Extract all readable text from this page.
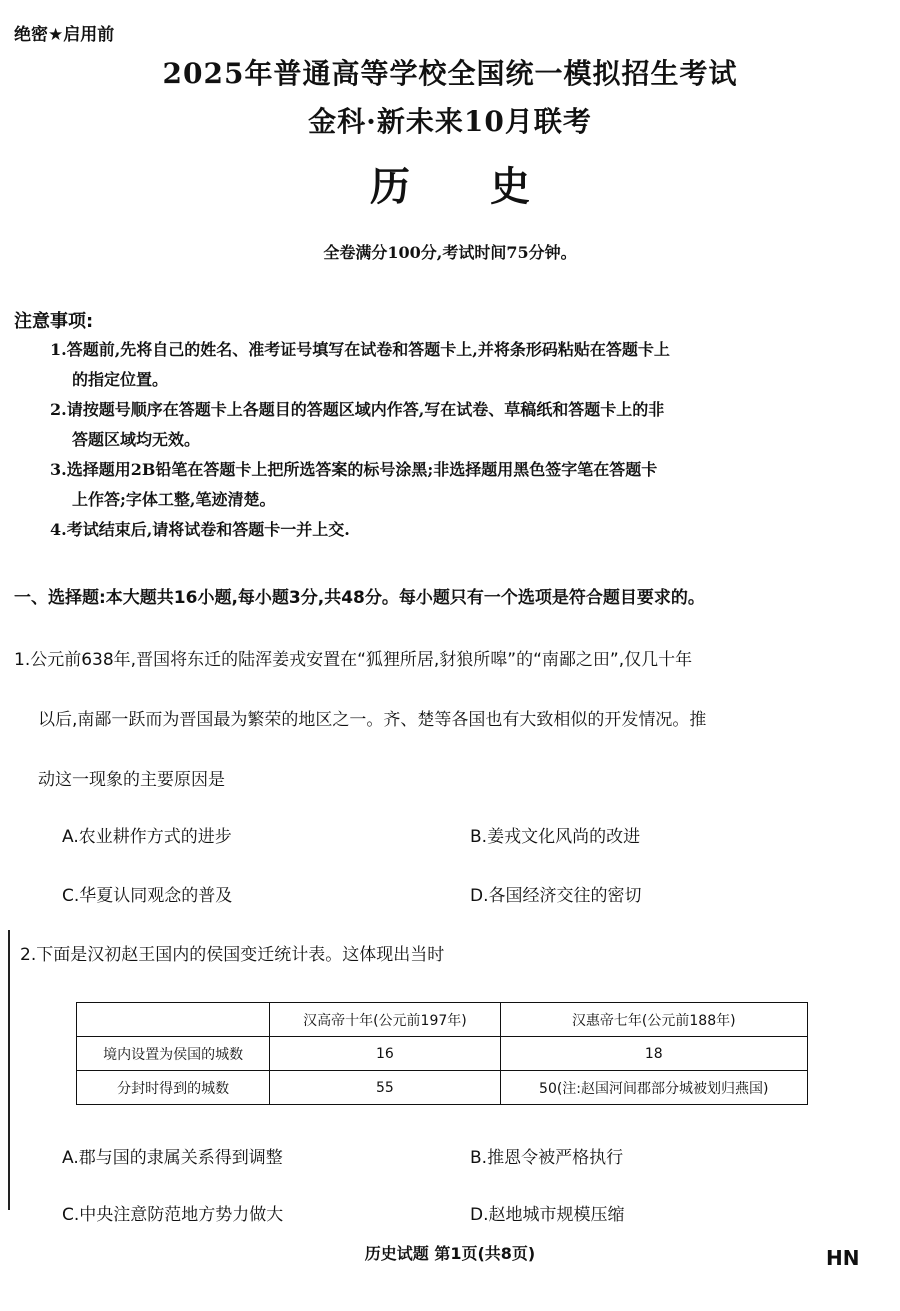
绝密★启用前
2025年普通高等学校全国统一模拟招生考试
金科·新未来10月联考
历史
全卷满分100分,考试时间75分钟。
注意事项:
1.答题前,先将自己的姓名、准考证号填写在试卷和答题卡上,并将条形码粘贴在答题卡上
的指定位置。
2.请按题号顺序在答题卡上各题目的答题区域内作答,写在试卷、草稿纸和答题卡上的非
答题区域均无效。
3.选择题用2B铅笔在答题卡上把所选答案的标号涂黑;非选择题用黑色签字笔在答题卡
上作答;字体工整,笔迹清楚。
4.考试结束后,请将试卷和答题卡一并上交.
一、选择题:本大题共16小题,每小题3分,共48分。每小题只有一个选项是符合题目要求的。
1.公元前638年,晋国将东迁的陆浑姜戎安置在“狐狸所居,豺狼所嗥”的“南鄙之田”,仅几十年
以后,南鄙一跃而为晋国最为繁荣的地区之一。齐、楚等各国也有大致相似的开发情况。推
动这一现象的主要原因是
A.农业耕作方式的进步	B.姜戎文化风尚的改进
C.华夏认同观念的普及	D.各国经济交往的密切
2.下面是汉初赵王国内的侯国变迁统计表。这体现出当时
	汉高帝十年(公元前197年)	汉惠帝七年(公元前188年)
境内设置为侯国的城数	16	18
分封时得到的城数	55	50(注:赵国河间郡部分城被划归燕国)
A.郡与国的隶属关系得到调整	B.推恩令被严格执行
C.中央注意防范地方势力做大	D.赵地城市规模压缩
历史试题 第1页(共8页)	HN
